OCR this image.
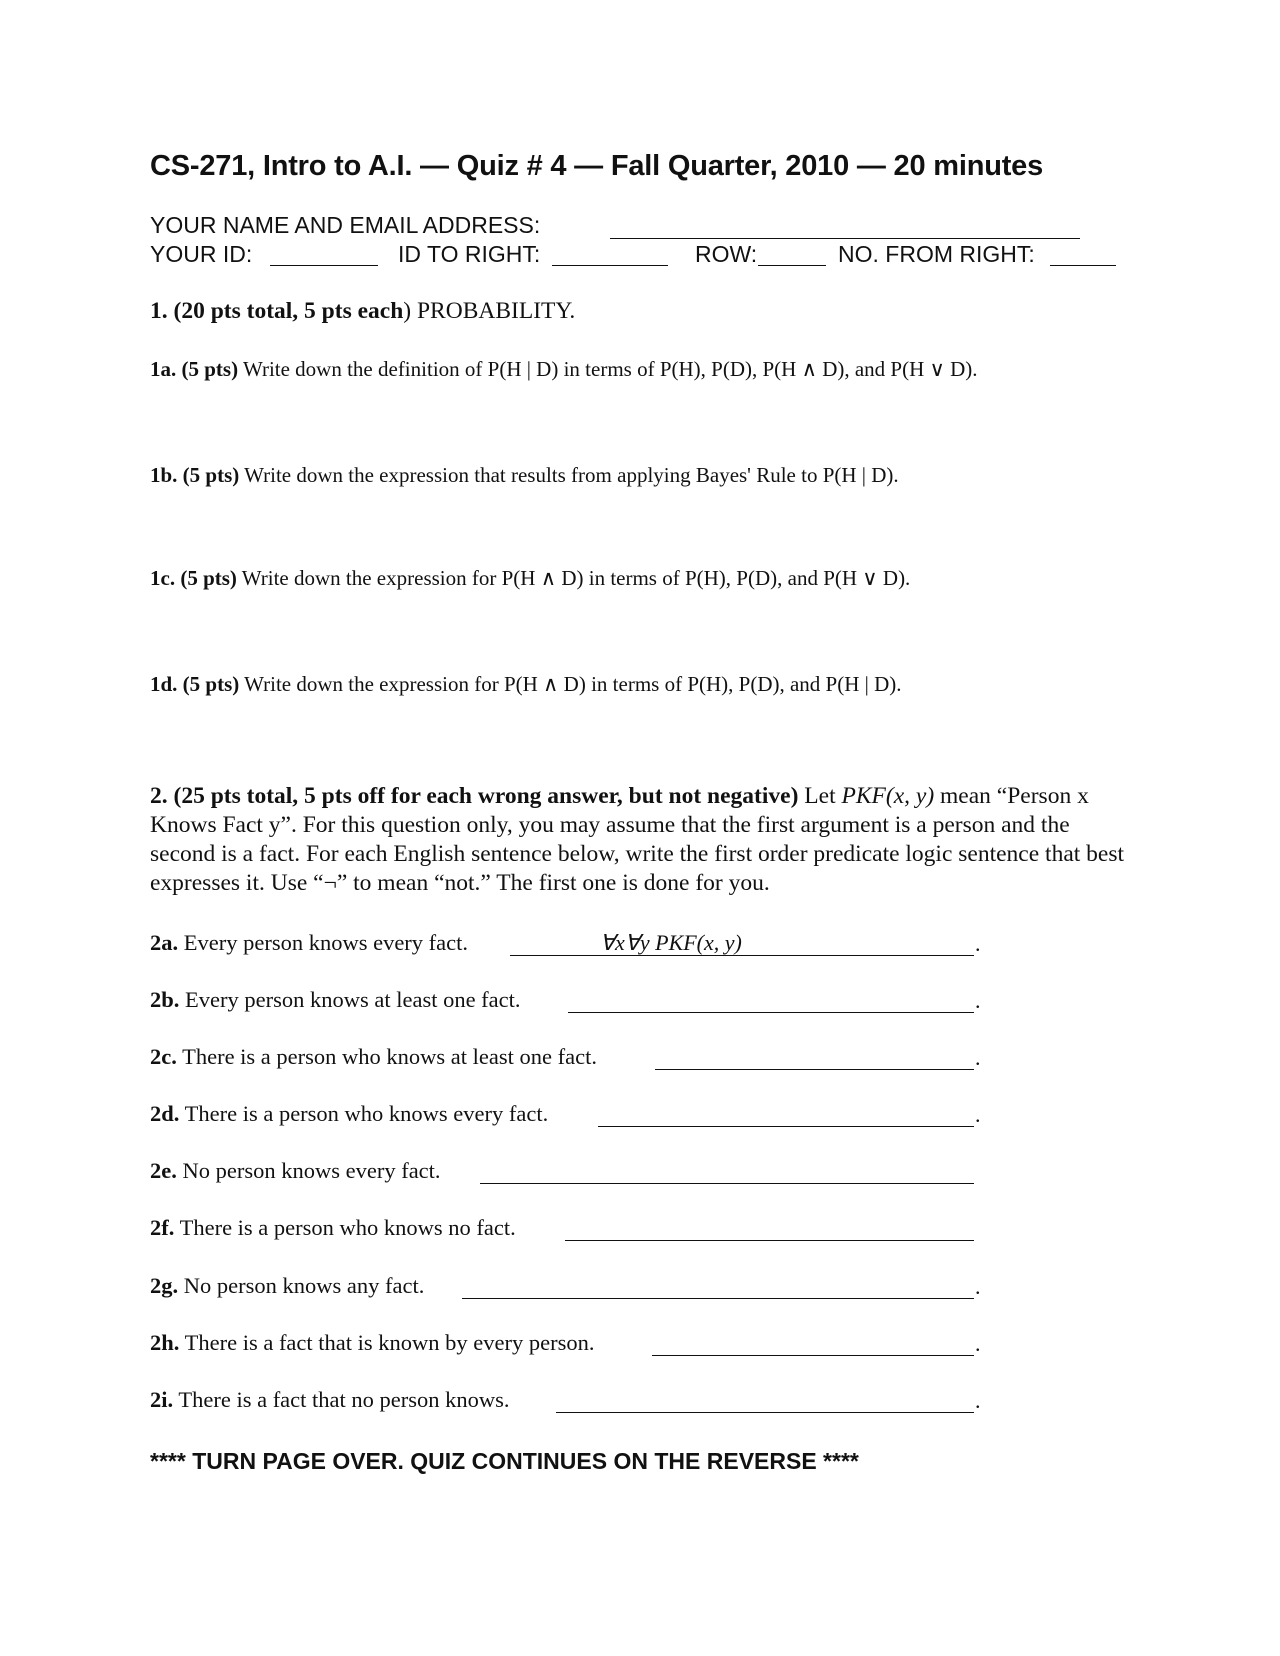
CS-271, Intro to A.I. — Quiz # 4 — Fall Quarter, 2010 — 20 minutes
YOUR NAME AND EMAIL ADDRESS:
YOUR ID:	ID TO RIGHT:	ROW:	NO. FROM RIGHT:
1. (20 pts total, 5 pts each) PROBABILITY.
1a. (5 pts) Write down the definition of P(H | D) in terms of P(H), P(D), P(H ∧ D), and P(H ∨ D).
1b. (5 pts) Write down the expression that results from applying Bayes' Rule to P(H | D).
1c. (5 pts) Write down the expression for P(H ∧ D) in terms of P(H), P(D), and P(H ∨ D).
1d. (5 pts) Write down the expression for P(H ∧ D) in terms of P(H), P(D), and P(H | D).
2. (25 pts total, 5 pts off for each wrong answer, but not negative) Let PKF(x, y) mean “Person x Knows Fact y”. For this question only, you may assume that the first argument is a person and the second is a fact. For each English sentence below, write the first order predicate logic sentence that best expresses it. Use “¬” to mean “not.” The first one is done for you.
2a. Every person knows every fact.	∀x∀y PKF(x, y)	.
2b. Every person knows at least one fact.	.
2c. There is a person who knows at least one fact.	.
2d. There is a person who knows every fact.	.
2e. No person knows every fact.
2f. There is a person who knows no fact.
2g. No person knows any fact.	.
2h. There is a fact that is known by every person.	.
2i. There is a fact that no person knows.	.
**** TURN PAGE OVER. QUIZ CONTINUES ON THE REVERSE ****
